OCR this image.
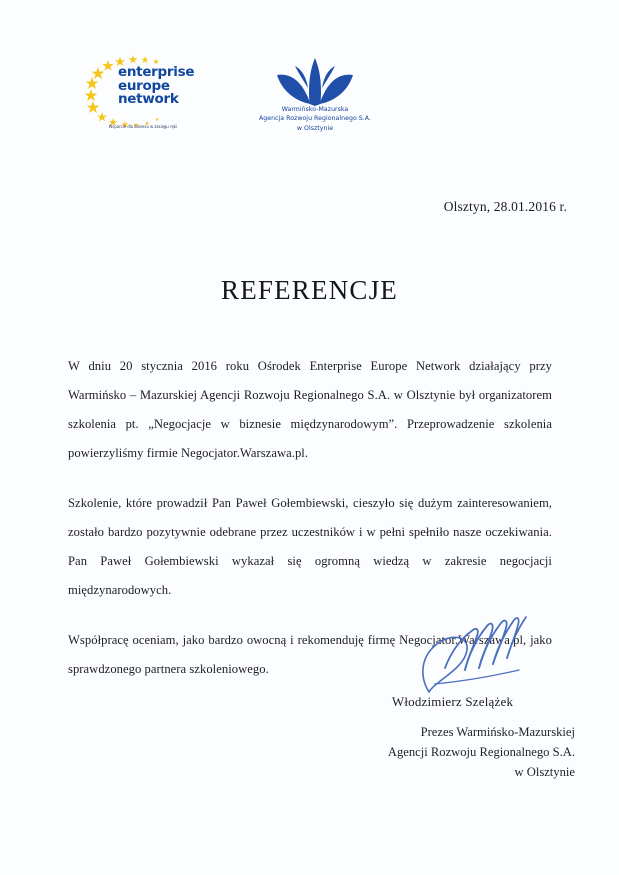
enterprise
europe
network
Wsparcie dla biznesu w zasięgu ręki
Warmińsko-Mazurska
Agencja Rozwoju Regionalnego S.A.
w Olsztynie
Olsztyn, 28.01.2016 r.
REFERENCJE

W dniu 20 stycznia 2016 roku Ośrodek Enterprise Europe Network działający przy Warmińsko – Mazurskiej Agencji Rozwoju Regionalnego S.A. w Olsztynie był organizatorem szkolenia pt. „Negocjacje w biznesie międzynarodowym”. Przeprowadzenie szkolenia powierzyliśmy firmie Negocjator.Warszawa.pl.

Szkolenie, które prowadził Pan Paweł Gołembiewski, cieszyło się dużym zainteresowaniem, zostało bardzo pozytywnie odebrane przez uczestników i w pełni spełniło nasze oczekiwania. Pan Paweł Gołembiewski wykazał się ogromną wiedzą w zakresie negocjacji międzynarodowych.

Współpracę oceniam, jako bardzo owocną i rekomenduję firmę Negocjator.Warszawa.pl, jako sprawdzonego partnera szkoleniowego.

Włodzimierz Szelążek
Prezes Warmińsko-Mazurskiej
Agencji Rozwoju Regionalnego S.A.
w Olsztynie
